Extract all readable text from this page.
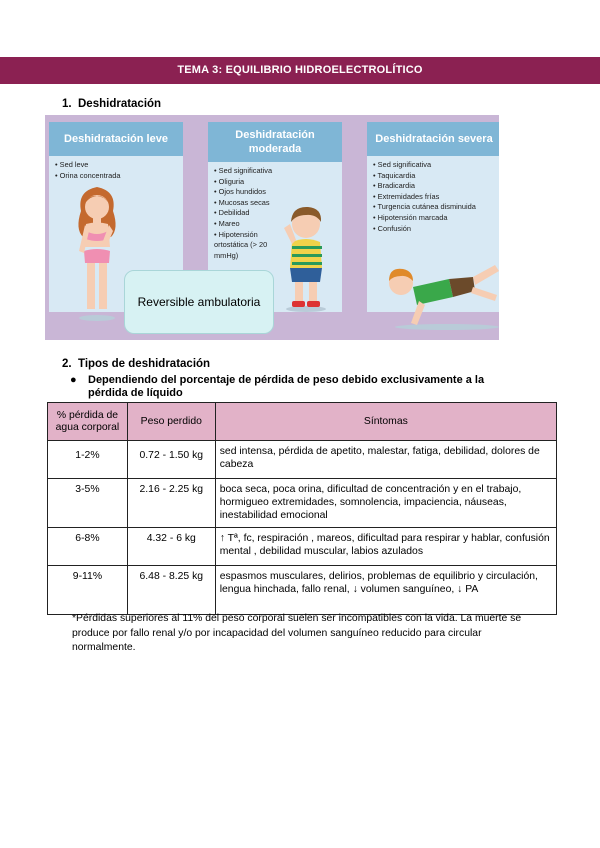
TEMA 3: EQUILIBRIO HIDROELECTROLÍTICO
1. Deshidratación
Deshidratación leve
• Sed leve
• Orina concentrada
Deshidratación moderada
• Sed significativa
• Oliguria
• Ojos hundidos
• Mucosas secas
• Debilidad
• Mareo
• Hipotensión ortostática (> 20 mmHg)
Deshidratación severa
• Sed significativa
• Taquicardia
• Bradicardia
• Extremidades frías
• Turgencia cutánea disminuida
• Hipotensión marcada
• Confusión
Reversible ambulatoria
2. Tipos de deshidratación
● Dependiendo del porcentaje de pérdida de peso debido exclusivamente a la pérdida de líquido
% pérdida de agua corporal	Peso perdido	Síntomas
1-2%	0.72 - 1.50 kg	sed intensa, pérdida de apetito, malestar, fatiga, debilidad, dolores de cabeza
3-5%	2.16 - 2.25 kg	boca seca, poca orina, dificultad de concentración y en el trabajo, hormigueo extremidades, somnolencia, impaciencia, náuseas, inestabilidad emocional
6-8%	4.32 - 6 kg	↑ Tª, fc, respiración , mareos, dificultad para respirar y hablar, confusión mental , debilidad muscular, labios azulados
9-11%	6.48 - 8.25 kg	espasmos musculares, delirios, problemas de equilibrio y circulación, lengua hinchada, fallo renal, ↓ volumen sanguíneo, ↓ PA
*Pérdidas superiores al 11% del peso corporal suelen ser incompatibles con la vida. La muerte se produce por fallo renal y/o por incapacidad del volumen sanguíneo reducido para circular normalmente.
